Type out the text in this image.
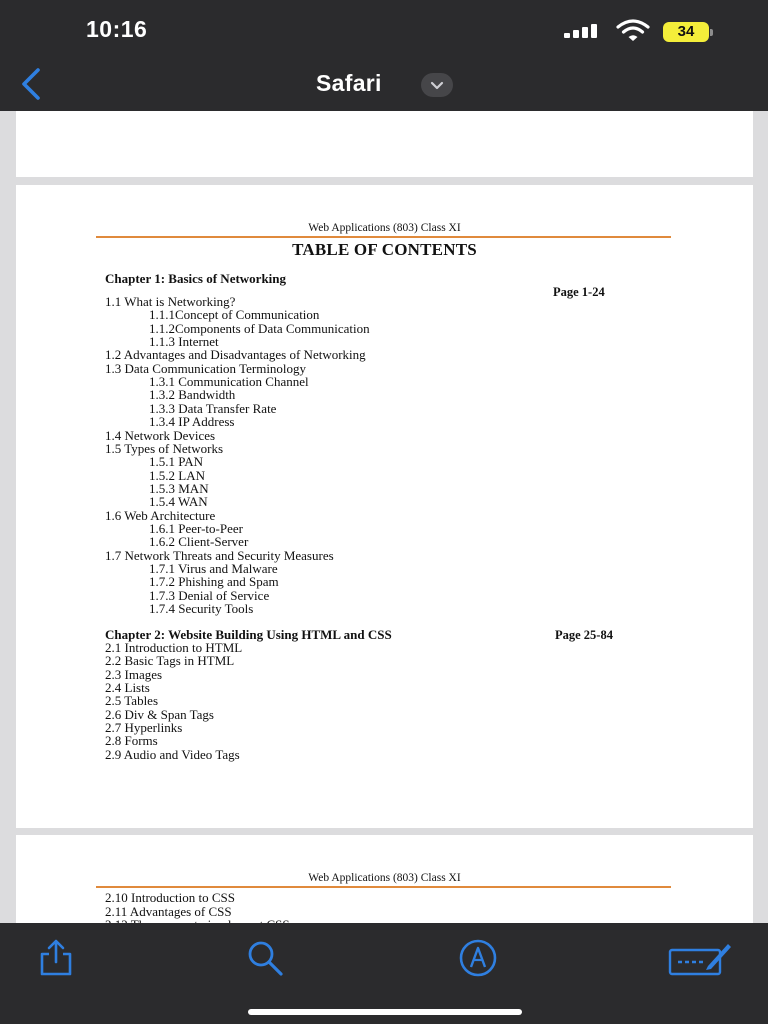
10:16	34
Safari
Web Applications (803) Class XI
TABLE OF CONTENTS
Chapter 1: Basics of Networking
Page 1-24
1.1 What is Networking?
1.1.1Concept of Communication
1.1.2Components of Data Communication
1.1.3 Internet
1.2 Advantages and Disadvantages of Networking
1.3 Data Communication Terminology
1.3.1 Communication Channel
1.3.2 Bandwidth
1.3.3 Data Transfer Rate
1.3.4 IP Address
1.4 Network Devices
1.5 Types of Networks
1.5.1 PAN
1.5.2 LAN
1.5.3 MAN
1.5.4 WAN
1.6 Web Architecture
1.6.1 Peer-to-Peer
1.6.2 Client-Server
1.7 Network Threats and Security Measures
1.7.1 Virus and Malware
1.7.2 Phishing and Spam
1.7.3 Denial of Service
1.7.4 Security Tools
Chapter 2: Website Building Using HTML and CSS	Page 25-84
2.1 Introduction to HTML
2.2 Basic Tags in HTML
2.3 Images
2.4 Lists
2.5 Tables
2.6 Div & Span Tags
2.7 Hyperlinks
2.8 Forms
2.9 Audio and Video Tags
Web Applications (803) Class XI
2.10 Introduction to CSS
2.11 Advantages of CSS
